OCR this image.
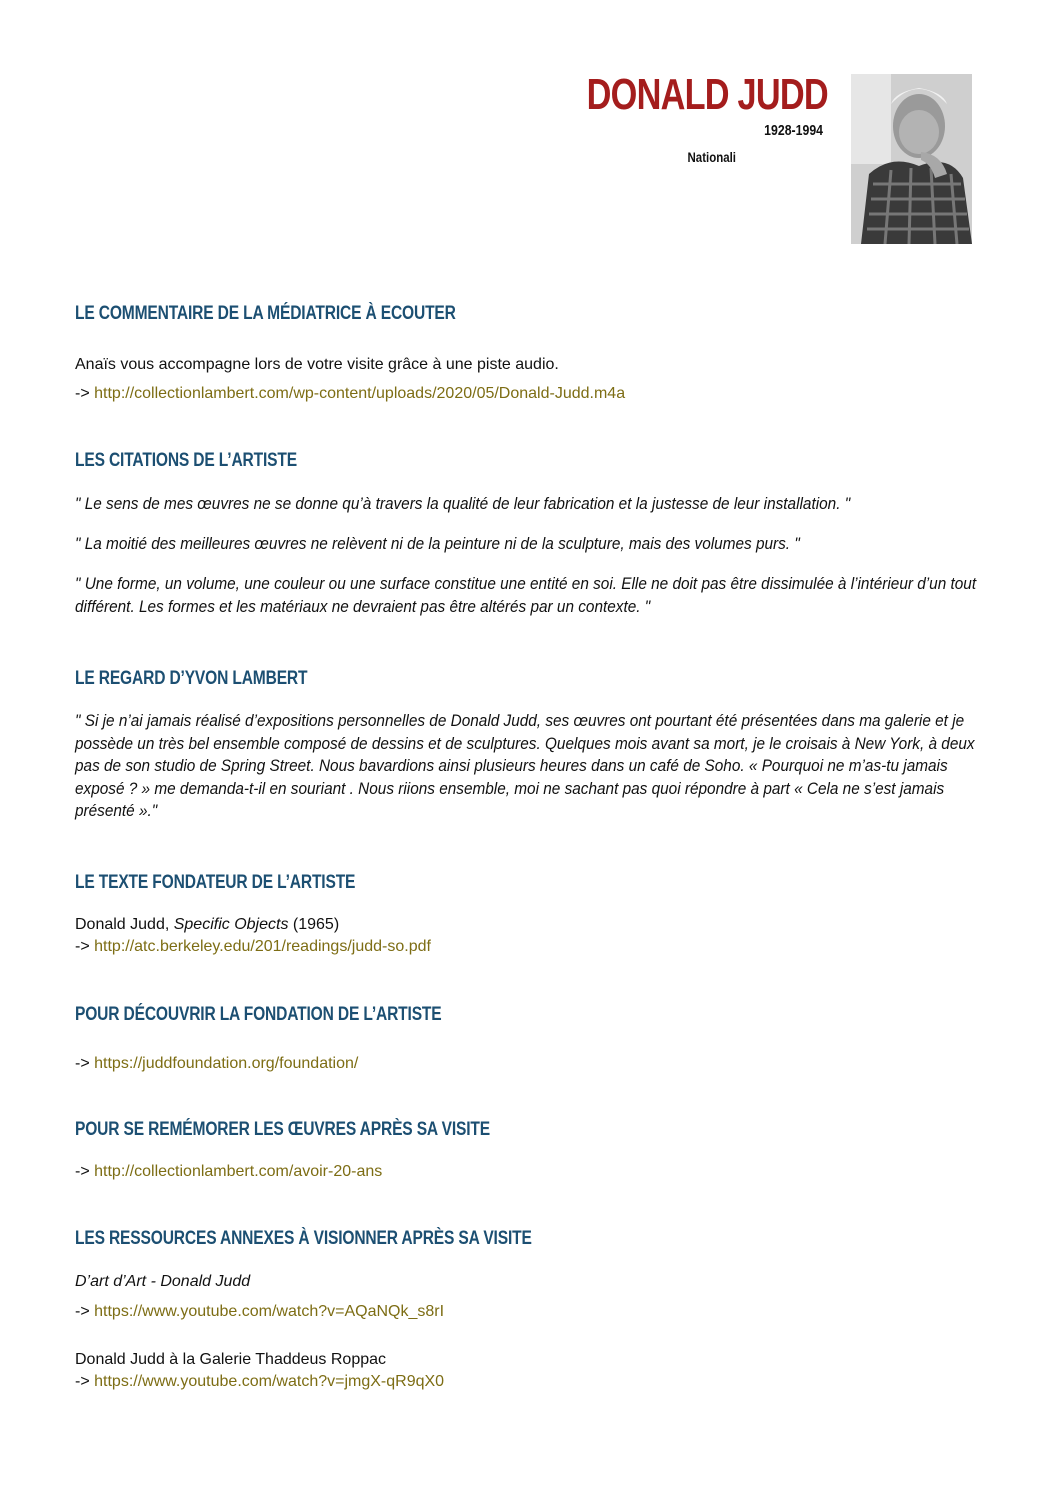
DONALD JUDD
1928-1994
Nationali
LE COMMENTAIRE DE LA MÉDIATRICE À ECOUTER

Anaïs vous accompagne lors de votre visite grâce à une piste audio.

-> http://collectionlambert.com/wp-content/uploads/2020/05/Donald-Judd.m4a

LES CITATIONS DE L’ARTISTE

" Le sens de mes œuvres ne se donne qu’à travers la qualité de leur fabrication et la justesse de leur installation. "

" La moitié des meilleures œuvres ne relèvent ni de la peinture ni de la sculpture, mais des volumes purs. "

" Une forme, un volume, une couleur ou une surface constitue une entité en soi. Elle ne doit pas être dissimulée à l’intérieur d’un tout différent. Les formes et les matériaux ne devraient pas être altérés par un contexte. "

LE REGARD D’YVON LAMBERT

" Si je n’ai jamais réalisé d’expositions personnelles de Donald Judd, ses œuvres ont pourtant été présentées dans ma galerie et je possède un très bel ensemble composé de dessins et de sculptures. Quelques mois avant sa mort, je le croisais à New York, à deux pas de son studio de Spring Street. Nous bavardions ainsi plusieurs heures dans un café de Soho. « Pourquoi ne m’as-tu jamais exposé ? » me demanda-t-il en souriant . Nous riions ensemble, moi ne sachant pas quoi répondre à part « Cela ne s’est jamais présenté »."

LE TEXTE FONDATEUR DE L’ARTISTE

Donald Judd, Specific Objects (1965)

-> http://atc.berkeley.edu/201/readings/judd-so.pdf

POUR DÉCOUVRIR LA FONDATION DE L’ARTISTE

-> https://juddfoundation.org/foundation/

POUR SE REMÉMORER LES ŒUVRES APRÈS SA VISITE

-> http://collectionlambert.com/avoir-20-ans

LES RESSOURCES ANNEXES À VISIONNER APRÈS SA VISITE

D’art d’Art - Donald Judd

-> https://www.youtube.com/watch?v=AQaNQk_s8rI

Donald Judd à la Galerie Thaddeus Roppac

-> https://www.youtube.com/watch?v=jmgX-qR9qX0
